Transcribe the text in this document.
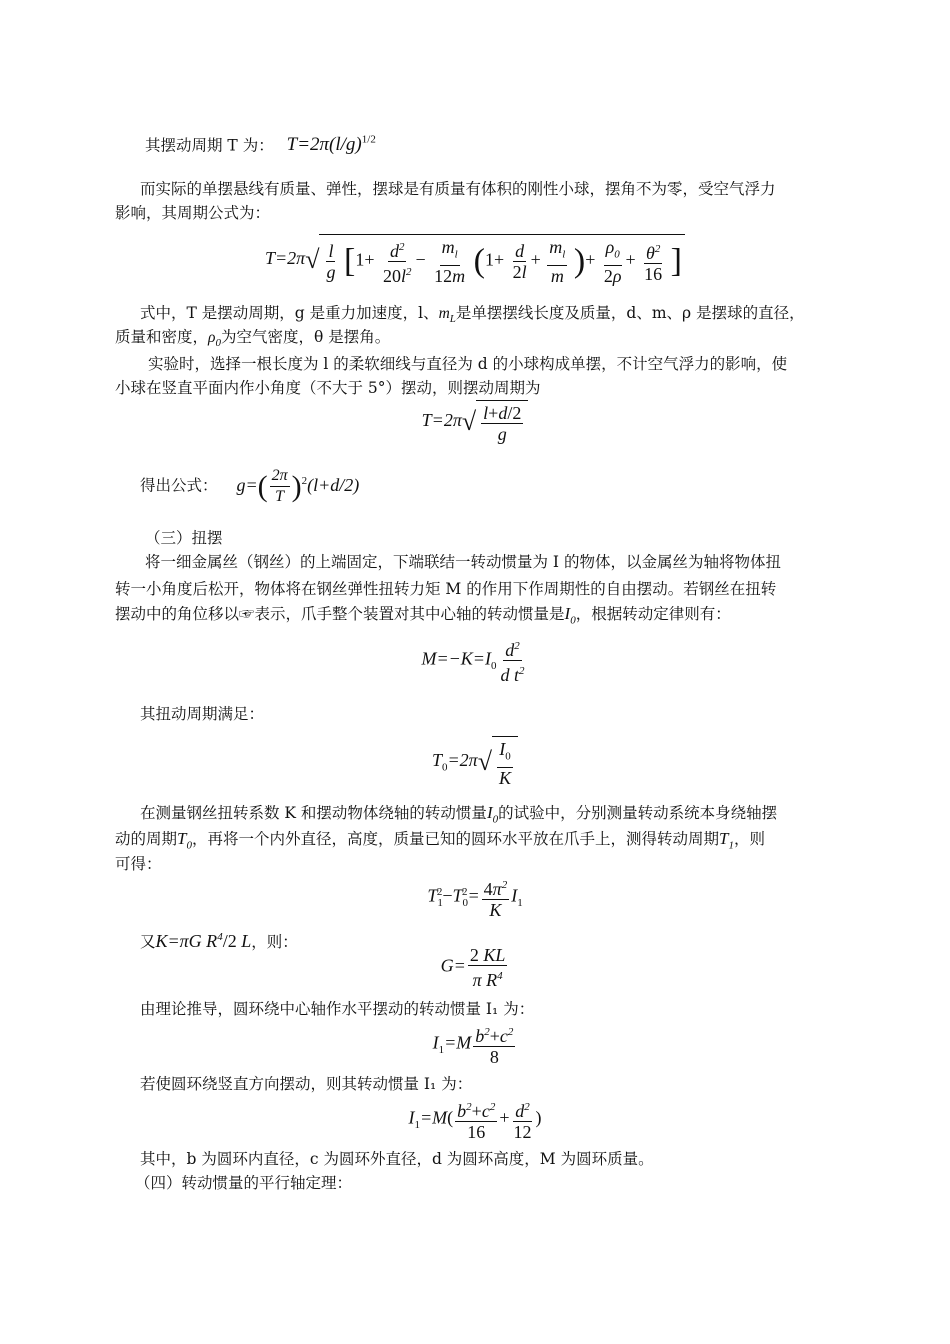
其摆动周期 T 为： $T=2\pi(l/g)^{1/2}$
而实际的单摆悬线有质量、弹性，摆球是有质量有体积的刚性小球，摆角不为零，受空气浮力
影响，其周期公式为：
$T=2\pi√ \frac{l}{g} [1+ \frac{d^2}{20l^2} - \frac{m_l}{12m} (1+ \frac{d}{2l} + \frac{m_l}{m}$ )+ $\frac{\rho_0}{2\rho} + \frac{\theta^2}{16}$ ]
式中，T 是摆动周期，g 是重力加速度，l、$m_L$是单摆摆线长度及质量，d、m、ρ 是摆球的直径，
质量和密度，$\rho_0$为空气密度，θ 是摆角。
实验时，选择一根长度为 l 的柔软细线与直径为 d 的小球构成单摆，不计空气浮力的影响，使
小球在竖直平面内作小角度（不大于 5°）摆动，则摆动周期为
$T=2\pi√ \frac{l+d/2}{g}$
得出公式： $g=( \frac{2\pi}{T} )^2(l+d/2)$
（三）扭摆
将一细金属丝（钢丝）的上端固定，下端联结一转动惯量为 I 的物体，以金属丝为轴将物体扭
转一小角度后松开，物体将在钢丝弹性扭转力矩 M 的作用下作周期性的自由摆动。若钢丝在扭转
摆动中的角位移以☞表示，爪手整个装置对其中心轴的转动惯量是$I_0$，根据转动定律则有：
$M=-K=I_0 \frac{d^2}{d t^2}$
其扭动周期满足：
$T_0=2\pi√ \frac{I_0}{K}$
在测量钢丝扭转系数 K 和摆动物体绕轴的转动惯量$I_0$的试验中，分别测量转动系统本身绕轴摆
动的周期$T_0$，再将一个内外直径，高度，质量已知的圆环水平放在爪手上，测得转动周期$T_1$，则
可得：
$T_1^2-T_0^2= \frac{4\pi^2}{K} I_1$
又K=πG $R^4/2$ L，则：
$G= \frac{2 KL}{\pi R^4}$
由理论推导，圆环绕中心轴作水平摆动的转动惯量 I₁ 为：
$I_1=M \frac{b^2+c^2}{8}$
若使圆环绕竖直方向摆动，则其转动惯量 I₁ 为：
$I_1=M( \frac{b^2+c^2}{16} + \frac{d^2}{12}$ )
其中，b 为圆环内直径，c 为圆环外直径，d 为圆环高度，M 为圆环质量。
（四）转动惯量的平行轴定理：
